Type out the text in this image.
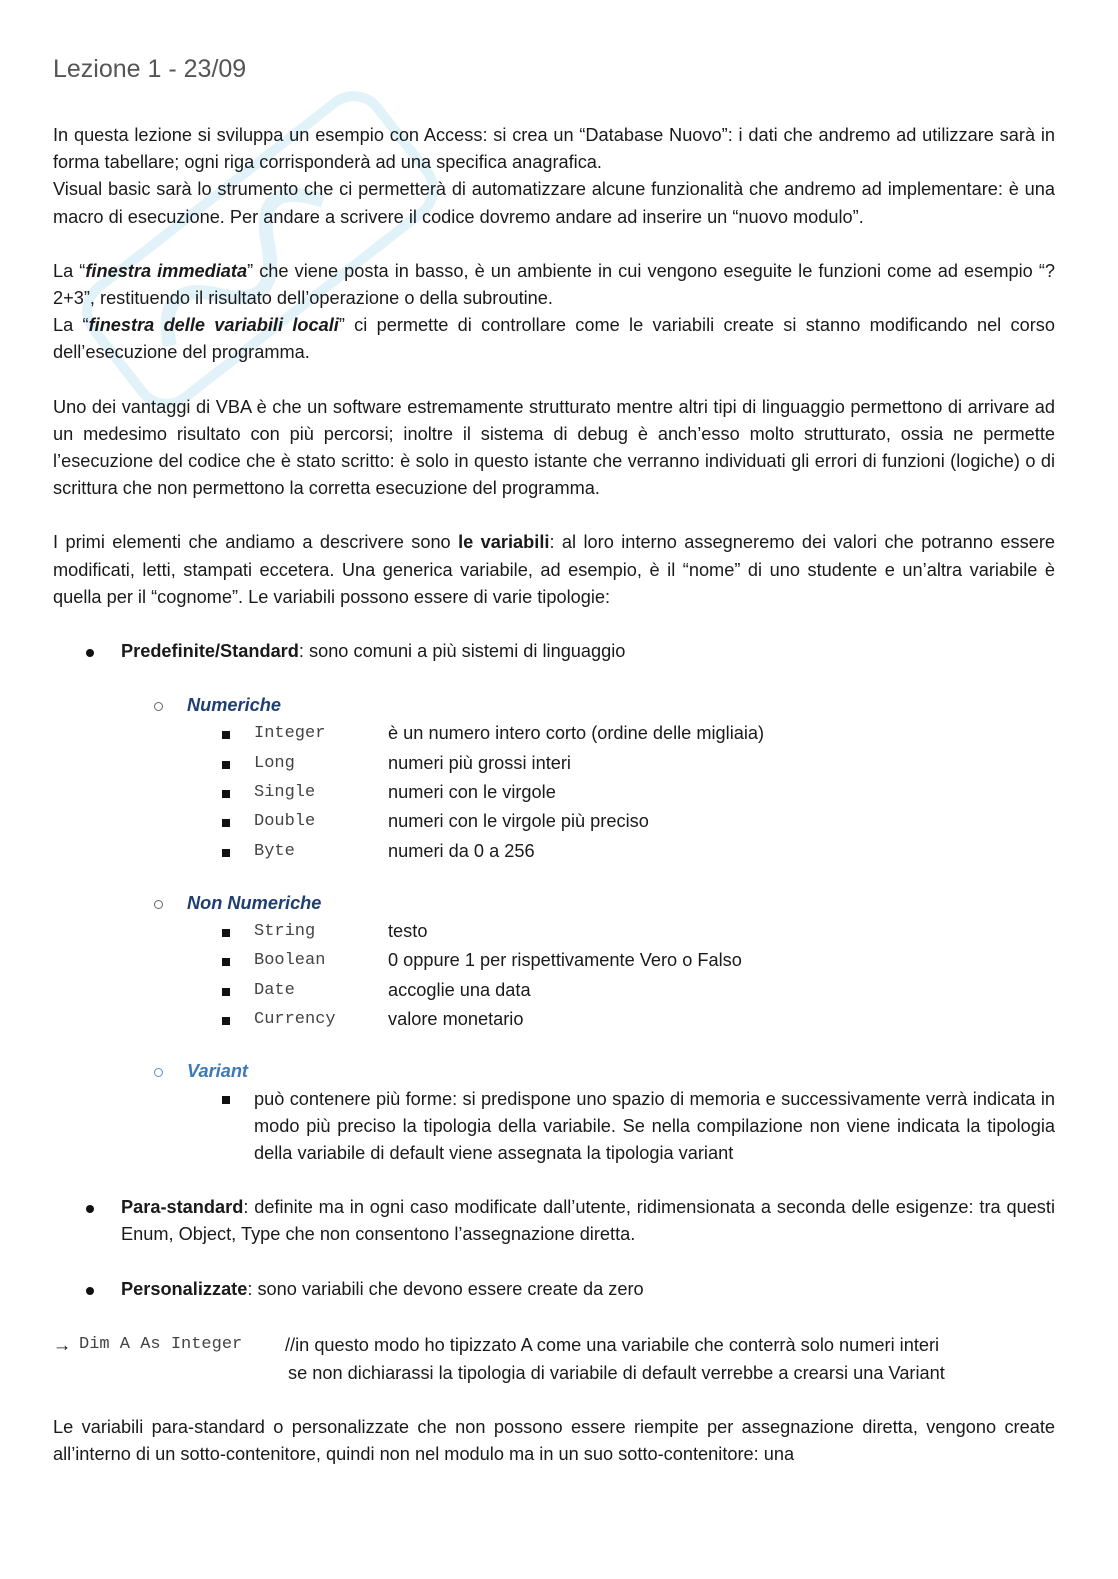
Lezione 1 - 23/09

In questa lezione si sviluppa un esempio con Access: si crea un “Database Nuovo”: i dati che andremo ad utilizzare sarà in forma tabellare; ogni riga corrisponderà ad una specifica anagrafica.

Visual basic sarà lo strumento che ci permetterà di automatizzare alcune funzionalità che andremo ad implementare: è una macro di esecuzione. Per andare a scrivere il codice dovremo andare ad inserire un “nuovo modulo”.

La “finestra immediata” che viene posta in basso, è un ambiente in cui vengono eseguite le funzioni come ad esempio “?2+3”, restituendo il risultato dell’operazione o della subroutine.

La “finestra delle variabili locali” ci permette di controllare come le variabili create si stanno modificando nel corso dell’esecuzione del programma.

Uno dei vantaggi di VBA è che un software estremamente strutturato mentre altri tipi di linguaggio permettono di arrivare ad un medesimo risultato con più percorsi; inoltre il sistema di debug è anch’esso molto strutturato, ossia ne permette l’esecuzione del codice che è stato scritto: è solo in questo istante che verranno individuati gli errori di funzioni (logiche) o di scrittura che non permettono la corretta esecuzione del programma.

I primi elementi che andiamo a descrivere sono le variabili: al loro interno assegneremo dei valori che potranno essere modificati, letti, stampati eccetera. Una generica variabile, ad esempio, è il “nome” di uno studente e un’altra variabile è quella per il “cognome”. Le variabili possono essere di varie tipologie:

Predefinite/Standard: sono comuni a più sistemi di linguaggio
Numeriche
Integer	è un numero intero corto (ordine delle migliaia)
Long	numeri più grossi interi
Single	numeri con le virgole
Double	numeri con le virgole più preciso
Byte	numeri da 0 a 256
Non Numeriche
String	testo
Boolean	0 oppure 1 per rispettivamente Vero o Falso
Date	accoglie una data
Currency	valore monetario
Variant
può contenere più forme: si predispone uno spazio di memoria e successivamente verrà indicata in modo più preciso la tipologia della variabile. Se nella compilazione non viene indicata la tipologia della variabile di default viene assegnata la tipologia variant
Para-standard: definite ma in ogni caso modificate dall’utente, ridimensionata a seconda delle esigenze: tra questi Enum, Object, Type che non consentono l’assegnazione diretta.
Personalizzate: sono variabili che devono essere create da zero
→ Dim A As Integer //in questo modo ho tipizzato A come una variabile che conterrà solo numeri interi
se non dichiarassi la tipologia di variabile di default verrebbe a crearsi una Variant

Le variabili para-standard o personalizzate che non possono essere riempite per assegnazione diretta, vengono create all’interno di un sotto-contenitore, quindi non nel modulo ma in un suo sotto-contenitore: una
